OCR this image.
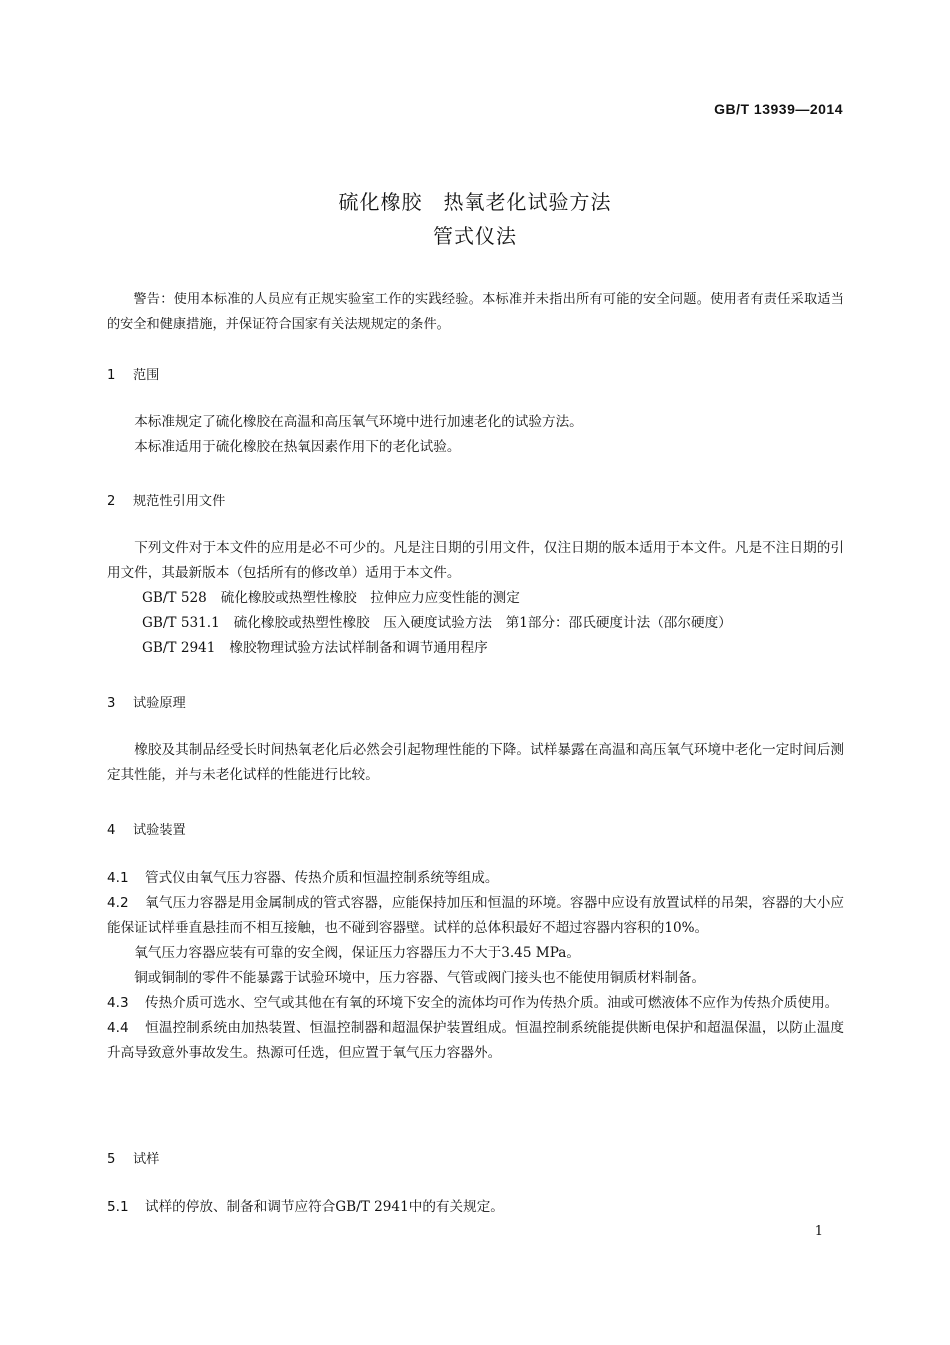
GB/T 13939—2014
硫化橡胶　热氧老化试验方法
管式仪法

警告：使用本标准的人员应有正规实验室工作的实践经验。本标准并未指出所有可能的安全问题。使用者有责任采取适当的安全和健康措施，并保证符合国家有关法规规定的条件。

1 范围

本标准规定了硫化橡胶在高温和高压氧气环境中进行加速老化的试验方法。

本标准适用于硫化橡胶在热氧因素作用下的老化试验。

2 规范性引用文件

下列文件对于本文件的应用是必不可少的。凡是注日期的引用文件，仅注日期的版本适用于本文件。凡是不注日期的引用文件，其最新版本（包括所有的修改单）适用于本文件。

GB/T 528 硫化橡胶或热塑性橡胶　拉伸应力应变性能的测定

GB/T 531.1 硫化橡胶或热塑性橡胶　压入硬度试验方法　第1部分：邵氏硬度计法（邵尔硬度）

GB/T 2941 橡胶物理试验方法试样制备和调节通用程序

3 试验原理

橡胶及其制品经受长时间热氧老化后必然会引起物理性能的下降。试样暴露在高温和高压氧气环境中老化一定时间后测定其性能，并与未老化试样的性能进行比较。

4 试验装置

4.1 管式仪由氧气压力容器、传热介质和恒温控制系统等组成。

4.2 氧气压力容器是用金属制成的管式容器，应能保持加压和恒温的环境。容器中应设有放置试样的吊架，容器的大小应能保证试样垂直悬挂而不相互接触，也不碰到容器壁。试样的总体积最好不超过容器内容积的10%。

氧气压力容器应装有可靠的安全阀，保证压力容器压力不大于3.45 MPa。

铜或铜制的零件不能暴露于试验环境中，压力容器、气管或阀门接头也不能使用铜质材料制备。

4.3 传热介质可选水、空气或其他在有氧的环境下安全的流体均可作为传热介质。油或可燃液体不应作为传热介质使用。

4.4 恒温控制系统由加热装置、恒温控制器和超温保护装置组成。恒温控制系统能提供断电保护和超温保温，以防止温度升高导致意外事故发生。热源可任选，但应置于氧气压力容器外。

5 试样

5.1 试样的停放、制备和调节应符合GB/T 2941中的有关规定。

1
